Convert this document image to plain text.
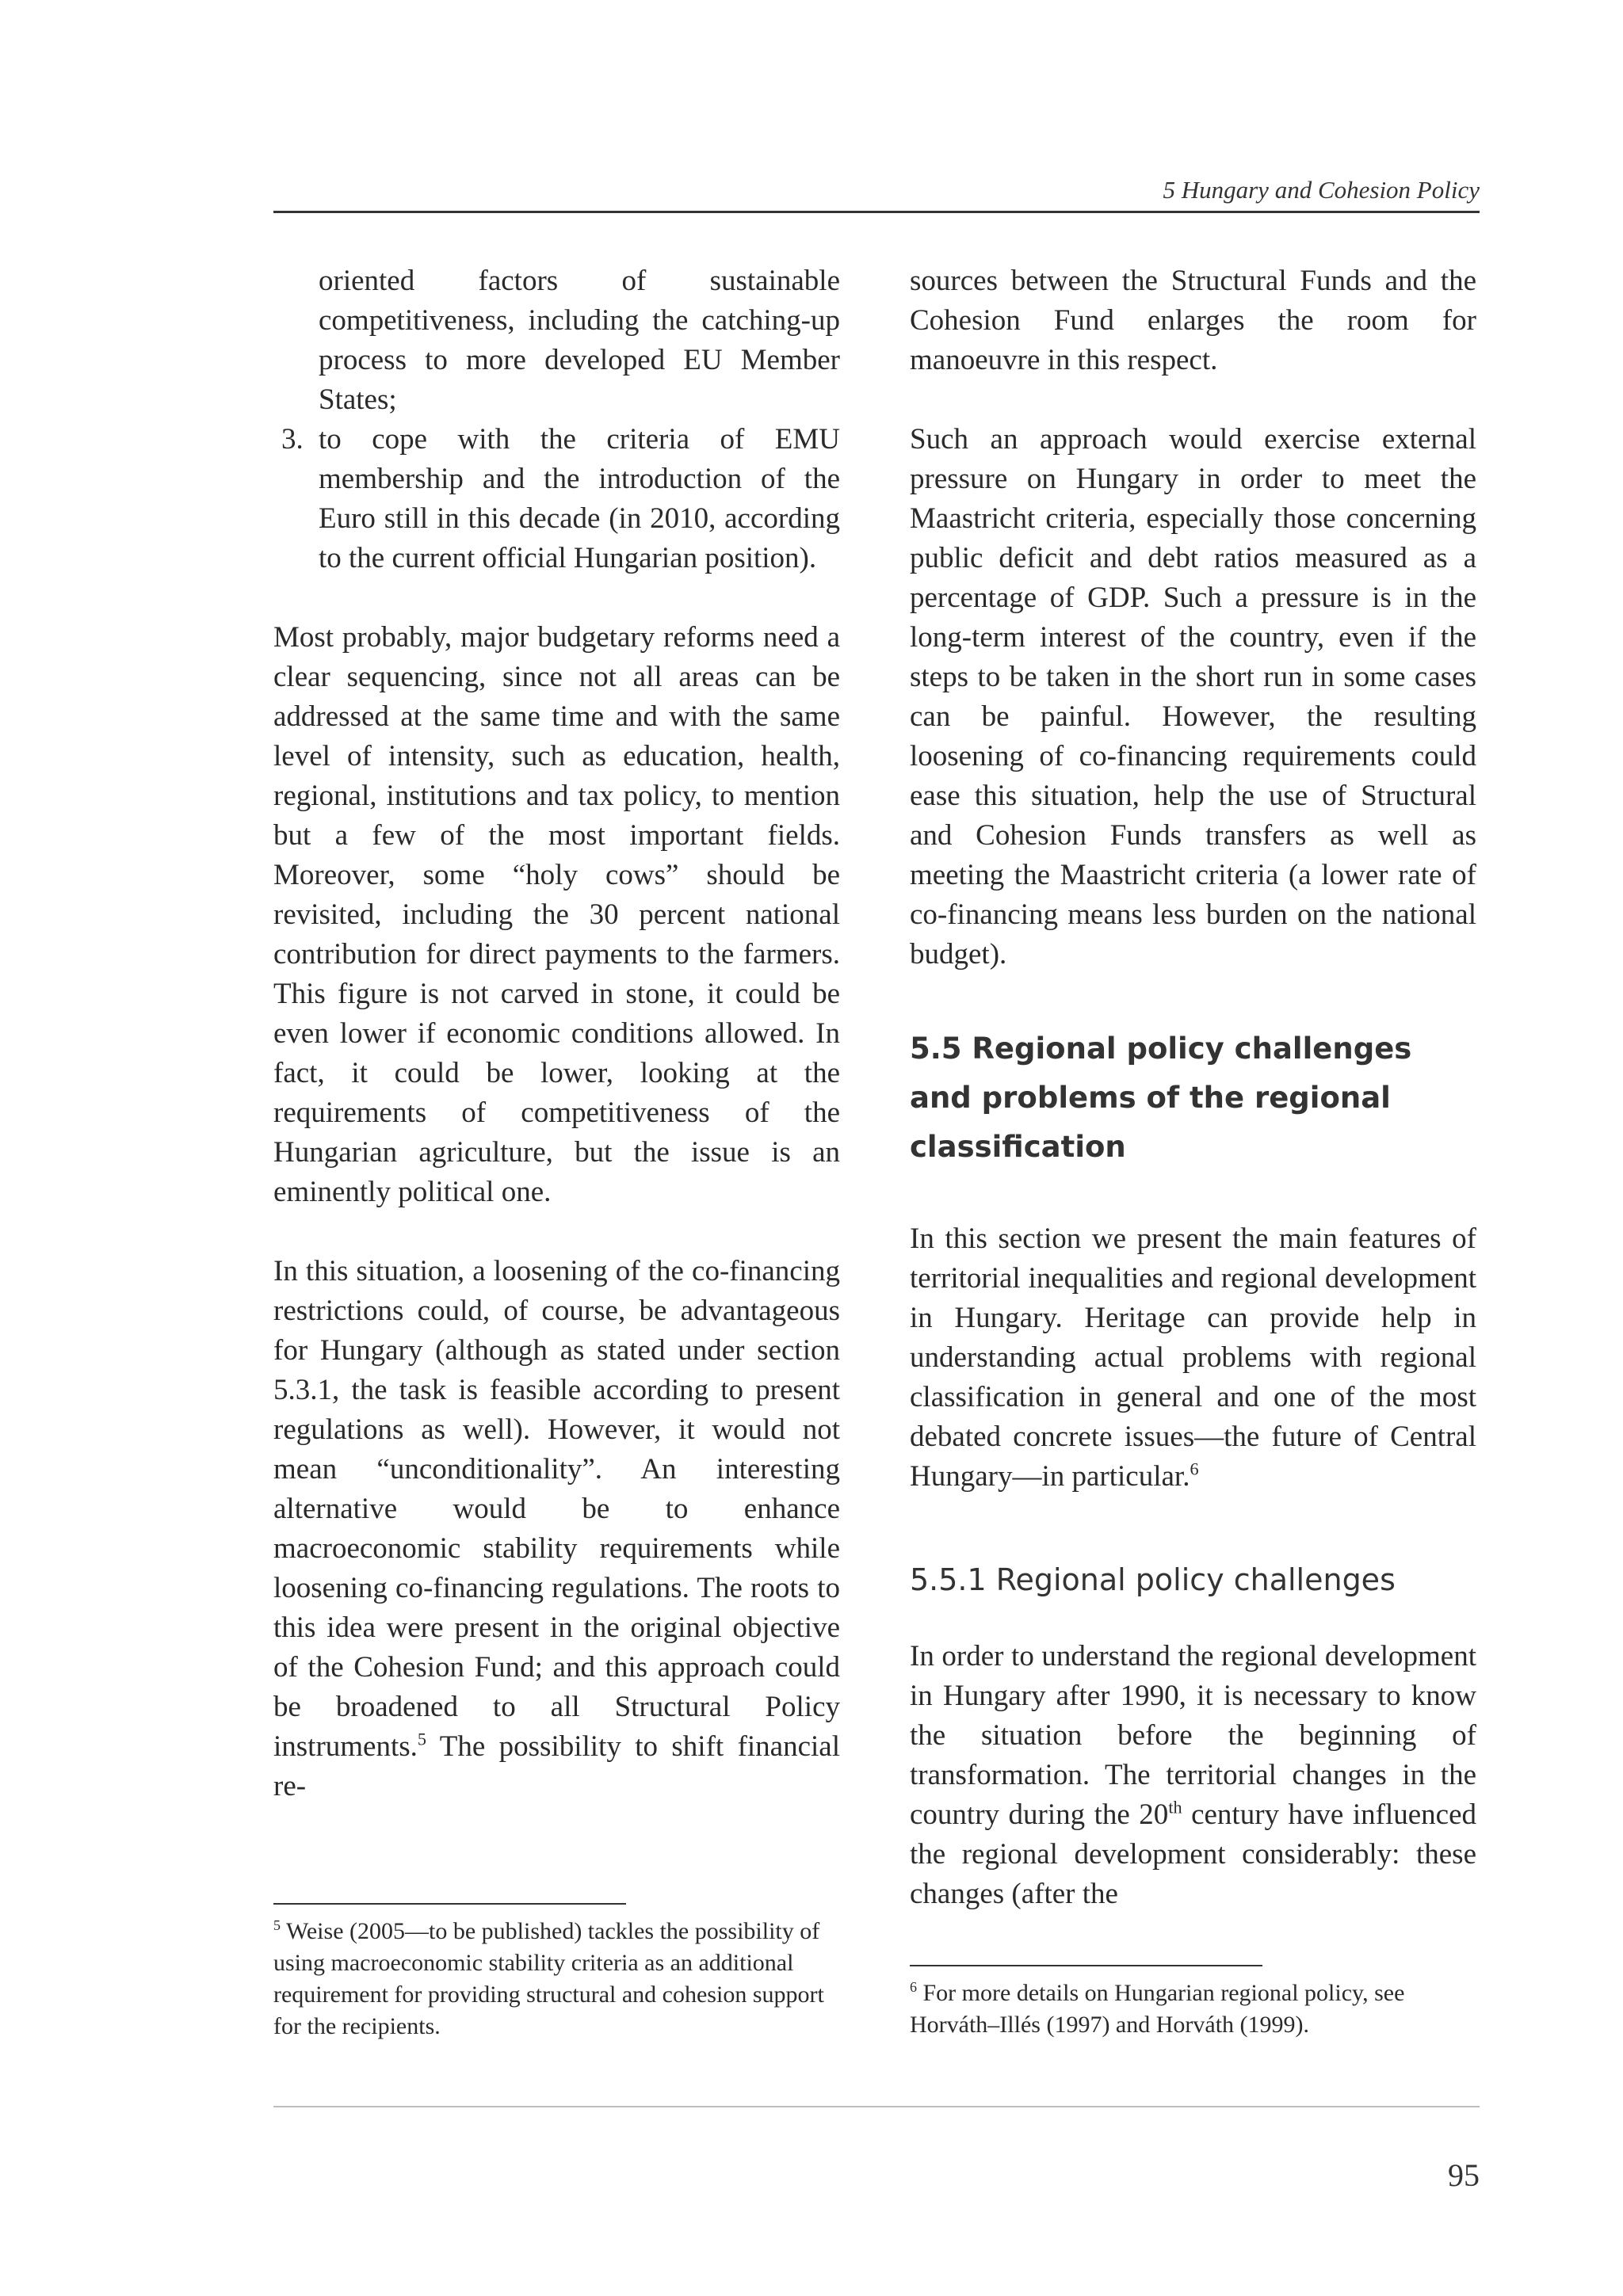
5 Hungary and Cohesion Policy

oriented factors of sustainable competitiveness, including the catching-up process to more developed EU Member States;

3. to cope with the criteria of EMU membership and the introduction of the Euro still in this decade (in 2010, according to the current official Hungarian position).

Most probably, major budgetary reforms need a clear sequencing, since not all areas can be addressed at the same time and with the same level of intensity, such as education, health, regional, institutions and tax policy, to mention but a few of the most important fields. Moreover, some “holy cows” should be revisited, including the 30 percent national contribution for direct payments to the farmers. This figure is not carved in stone, it could be even lower if economic conditions allowed. In fact, it could be lower, looking at the requirements of competitiveness of the Hungarian agriculture, but the issue is an eminently political one.

In this situation, a loosening of the co-financing restrictions could, of course, be advantageous for Hungary (although as stated under section 5.3.1, the task is feasible according to present regulations as well). However, it would not mean “unconditionality”. An interesting alternative would be to enhance macroeconomic stability requirements while loosening co-financing regulations. The roots to this idea were present in the original objective of the Cohesion Fund; and this approach could be broadened to all Structural Policy instruments.$^5$ The possibility to shift financial re-

$^5$ Weise (2005—to be published) tackles the possibility of using macroeconomic stability criteria as an additional requirement for providing structural and cohesion support for the recipients.

sources between the Structural Funds and the Cohesion Fund enlarges the room for manoeuvre in this respect.

Such an approach would exercise external pressure on Hungary in order to meet the Maastricht criteria, especially those concerning public deficit and debt ratios measured as a percentage of GDP. Such a pressure is in the long-term interest of the country, even if the steps to be taken in the short run in some cases can be painful. However, the resulting loosening of co-financing requirements could ease this situation, help the use of Structural and Cohesion Funds transfers as well as meeting the Maastricht criteria (a lower rate of co-financing means less burden on the national budget).

5.5 Regional policy challenges and problems of the regional classification

In this section we present the main features of territorial inequalities and regional development in Hungary. Heritage can provide help in understanding actual problems with regional classification in general and one of the most debated concrete issues—the future of Central Hungary—in particular.$^6$

5.5.1 Regional policy challenges

In order to understand the regional development in Hungary after 1990, it is necessary to know the situation before the beginning of transformation. The territorial changes in the country during the 20th century have influenced the regional development considerably: these changes (after the

$^6$ For more details on Hungarian regional policy, see Horváth–Illés (1997) and Horváth (1999).
95
